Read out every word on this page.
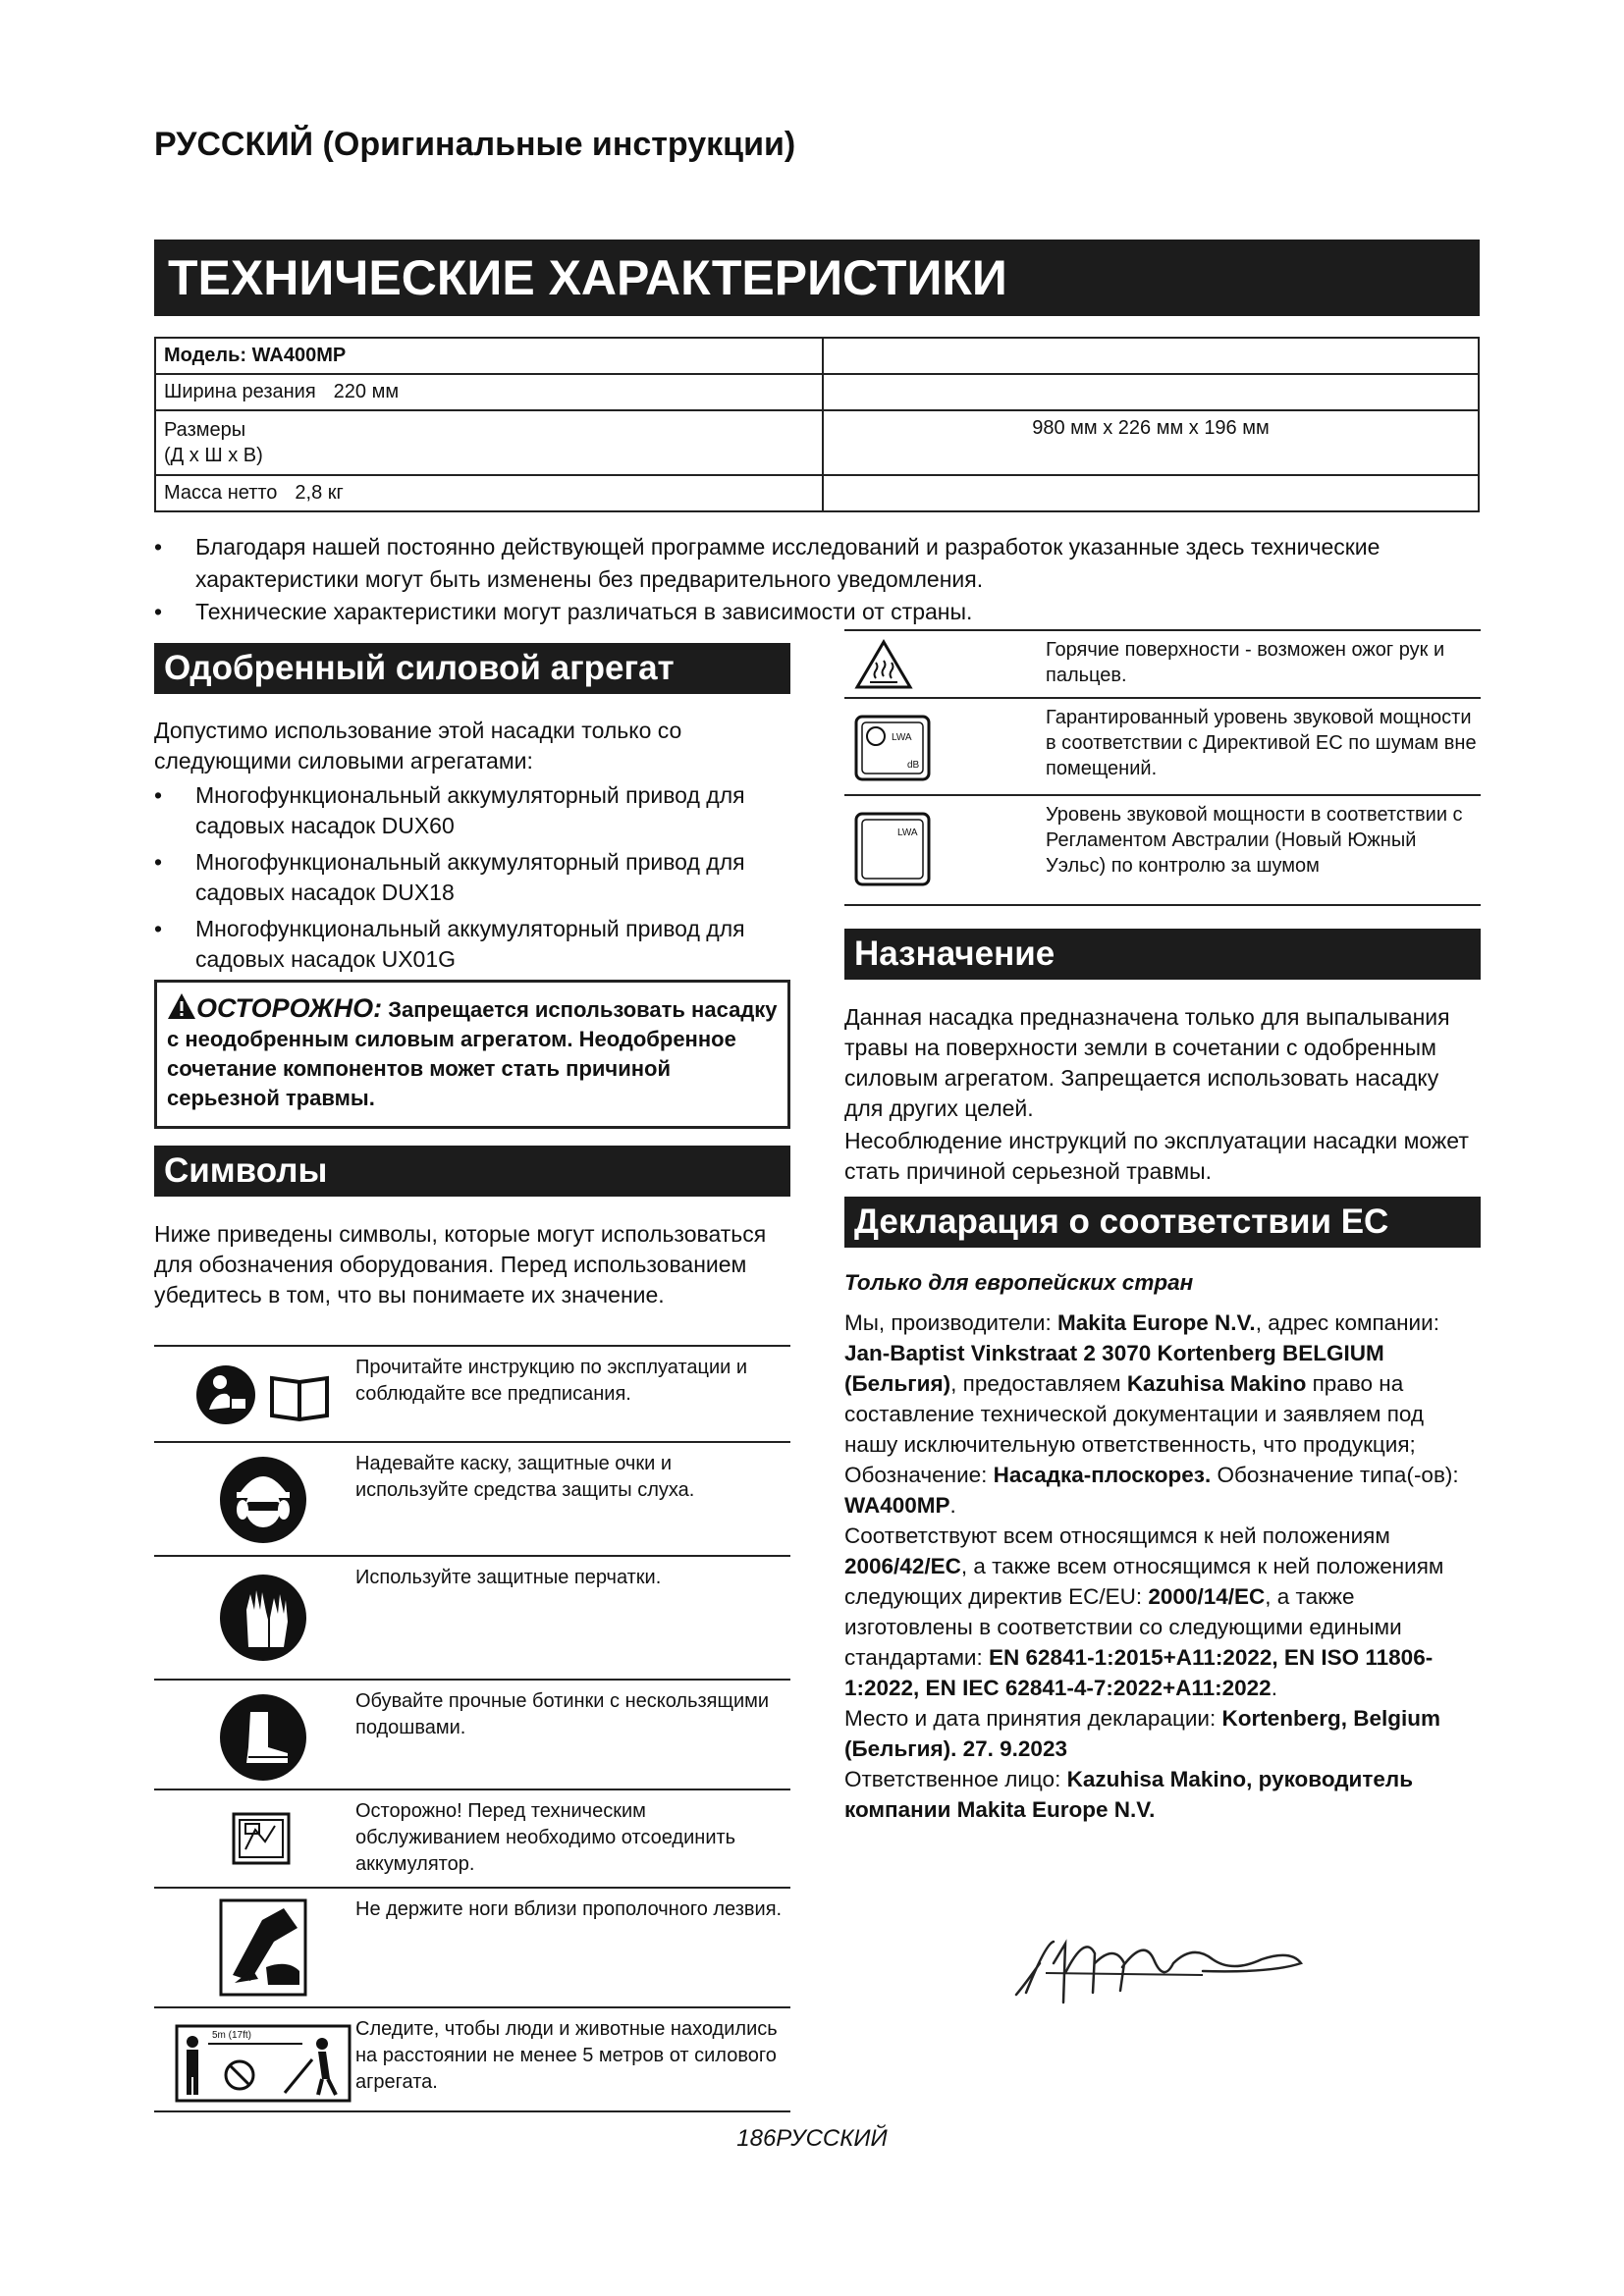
РУССКИЙ (Оригинальные инструкции)
ТЕХНИЧЕСКИЕ ХАРАКТЕРИСТИКИ
Модель: WA400MP	
Ширина резания 220 мм	
Размеры
(Д x Ш x В)	980 мм x 226 мм x 196 мм
Масса нетто 2,8 кг	
• Благодаря нашей постоянно действующей программе исследований и разработок указанные здесь технические характеристики могут быть изменены без предварительного уведомления.
• Технические характеристики могут различаться в зависимости от страны.
Одобренный силовой агрегат
Допустимо использование этой насадки только со следующими силовыми агрегатами:
• Многофункциональный аккумуляторный привод для садовых насадок DUX60
• Многофункциональный аккумуляторный привод для садовых насадок DUX18
• Многофункциональный аккумуляторный привод для садовых насадок UX01G
ОСТОРОЖНО: Запрещается использовать насадку с неодобренным силовым агрегатом. Неодобренное сочетание компонентов может стать причиной серьезной травмы.
Символы
Ниже приведены символы, которые могут использоваться для обозначения оборудования. Перед использованием убедитесь в том, что вы понимаете их значение.
Прочитайте инструкцию по эксплуатации и соблюдайте все предписания.
Надевайте каску, защитные очки и используйте средства защиты слуха.
Используйте защитные перчатки.
Обувайте прочные ботинки с нескользящими подошвами.
Осторожно! Перед техническим обслуживанием необходимо отсоединить аккумулятор.
Не держите ноги вблизи прополочного лезвия.
5m (17ft)	Следите, чтобы люди и животные находились на расстоянии не менее 5 метров от силового агрегата.
Горячие поверхности - возможен ожог рук и пальцев.
LWA
dB
Гарантированный уровень звуковой мощности в соответствии с Директивой ЕС по шумам вне помещений.
LWA
Уровень звуковой мощности в соответствии с Регламентом Австралии (Новый Южный Уэльс) по контролю за шумом
Назначение
Данная насадка предназначена только для выпалывания травы на поверхности земли в сочетании с одобренным силовым агрегатом. Запрещается использовать насадку для других целей.
Несоблюдение инструкций по эксплуатации насадки может стать причиной серьезной травмы.
Декларация о соответствии ЕС
Только для европейских стран
Мы, производители: Makita Europe N.V., адрес компании: Jan-Baptist Vinkstraat 2 3070 Kortenberg BELGIUM (Бельгия), предоставляем Kazuhisa Makino право на составление технической документации и заявляем под нашу исключительную ответственность, что продукция;
Обозначение: Насадка-плоскорез. Обозначение типа(-ов): WA400MP.
Соответствуют всем относящимся к ней положениям 2006/42/EC, а также всем относящимся к ней положениям следующих директив ЕС/EU: 2000/14/EC, а также изготовлены в соответствии со следующими едиными стандартами: EN 62841-1:2015+A11:2022, EN ISO 11806-1:2022, EN IEC 62841-4-7:2022+A11:2022.
Место и дата принятия декларации: Kortenberg, Belgium (Бельгия). 27. 9.2023
Ответственное лицо: Kazuhisa Makino, руководитель компании Makita Europe N.V.
186РУССКИЙ
